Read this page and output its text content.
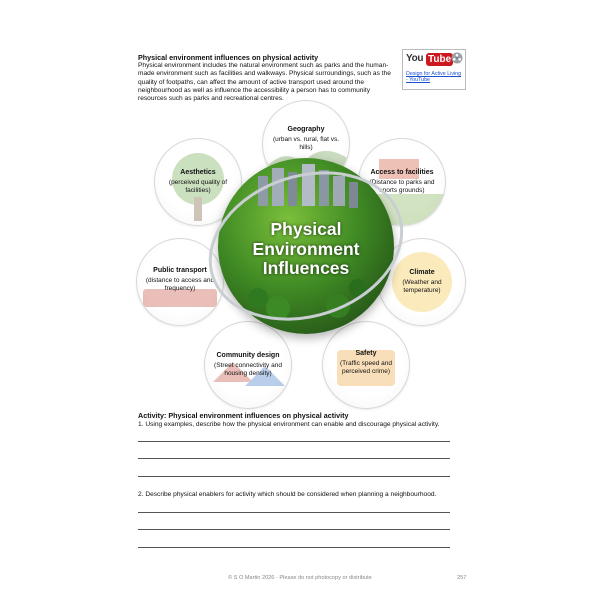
Physical environment influences on physical activity
Physical environment includes the natural environment such as parks and the human-made environment such as facilities and walkways. Physical surroundings, such as the quality of footpaths, can affect the amount of active transport used around the neighbourhood as well as influence the accessibility a person has to community resources such as parks and recreational centres.
You Tube
Design for Active Living - YouTube
Geography
(urban vs. rural, flat vs. hills)
Access to facilities
(Distance to parks and sports grounds)
Climate
(Weather and temperature)
Safety
(Traffic speed and perceived crime)
Community design
(Street connectivity and housing density)
Public transport
(distance to access and frequency)
Aesthetics
(perceived quality of facilities)
Physical Environment Influences
Activity: Physical environment influences on physical activity
1. Using examples, describe how the physical environment can enable and discourage physical activity.
2. Describe physical enablers for activity which should be considered when planning a neighbourhood.
© S O Martin 2026 - Please do not photocopy or distribute	257
